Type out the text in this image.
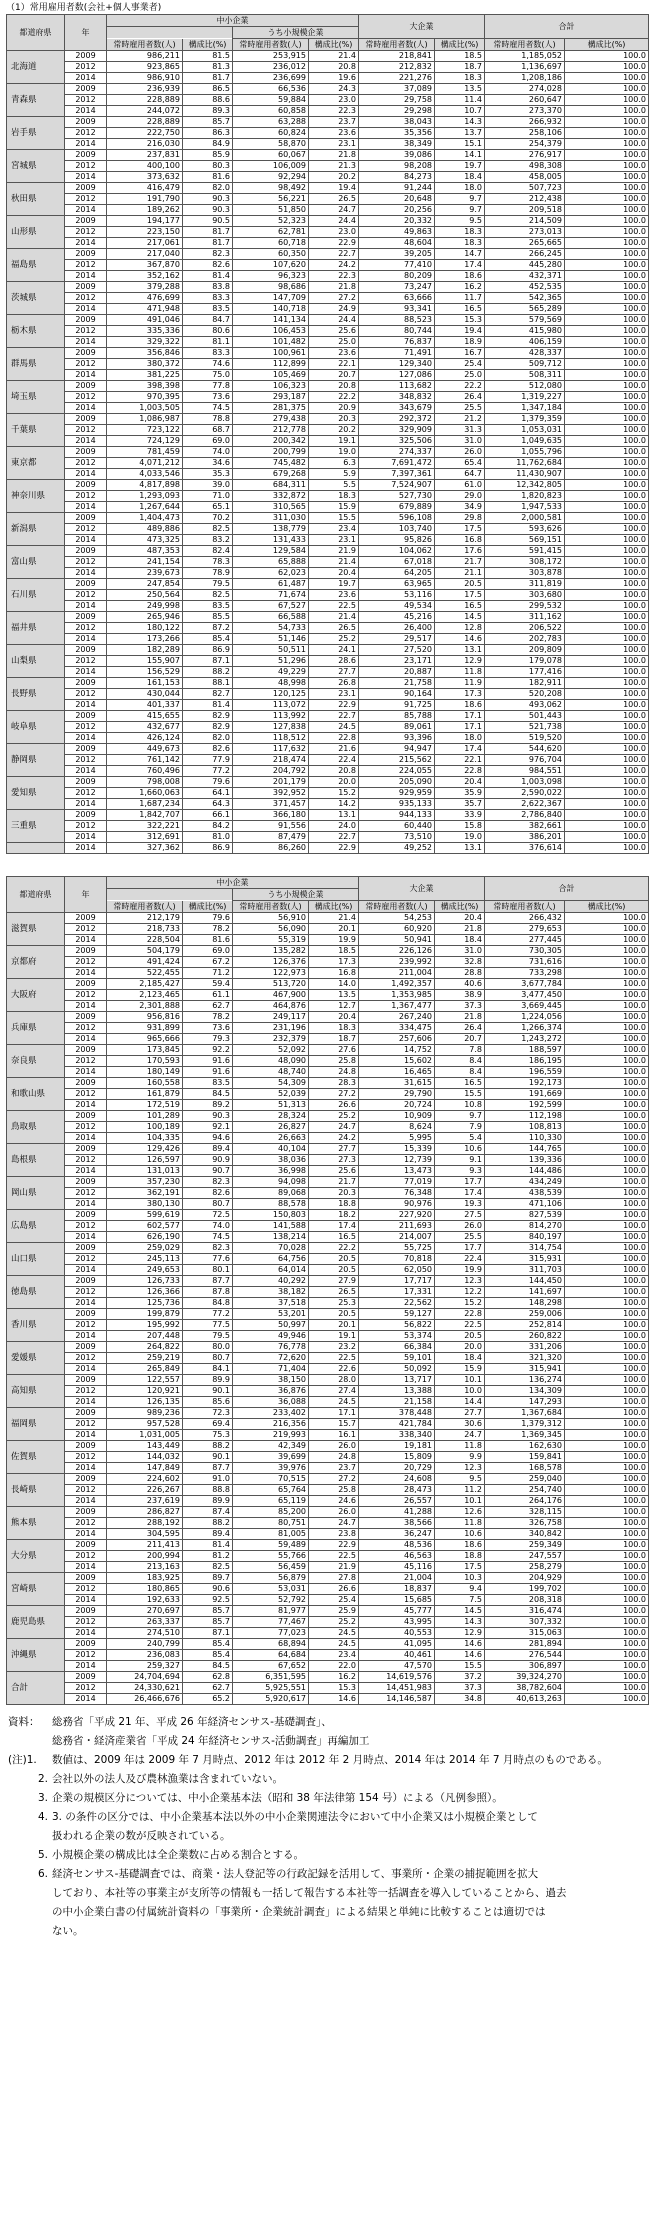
（1）常用雇用者数(会社+個人事業者)
都道府県	年	中小企業				大企業		合計	
				うち小規模企業					
		常時雇用者数(人)	構成比(%)	常時雇用者数(人)	構成比(%)	常時雇用者数(人)	構成比(%)	常時雇用者数(人)	構成比(%)
北海道	2009	986,211	81.5	253,915	21.4	218,841	18.5	1,185,052	100.0
	2012	923,865	81.3	236,012	20.8	212,832	18.7	1,136,697	100.0
	2014	986,910	81.7	236,699	19.6	221,276	18.3	1,208,186	100.0
青森県	2009	236,939	86.5	66,536	24.3	37,089	13.5	274,028	100.0
	2012	228,889	88.6	59,884	23.0	29,758	11.4	260,647	100.0
	2014	244,072	89.3	60,858	22.3	29,298	10.7	273,370	100.0
岩手県	2009	228,889	85.7	63,288	23.7	38,043	14.3	266,932	100.0
	2012	222,750	86.3	60,824	23.6	35,356	13.7	258,106	100.0
	2014	216,030	84.9	58,870	23.1	38,349	15.1	254,379	100.0
宮城県	2009	237,831	85.9	60,067	21.8	39,086	14.1	276,917	100.0
	2012	400,100	80.3	106,009	21.3	98,208	19.7	498,308	100.0
	2014	373,632	81.6	92,294	20.2	84,273	18.4	458,005	100.0
秋田県	2009	416,479	82.0	98,492	19.4	91,244	18.0	507,723	100.0
	2012	191,790	90.3	56,221	26.5	20,648	9.7	212,438	100.0
	2014	189,262	90.3	51,850	24.7	20,256	9.7	209,518	100.0
山形県	2009	194,177	90.5	52,323	24.4	20,332	9.5	214,509	100.0
	2012	223,150	81.7	62,781	23.0	49,863	18.3	273,013	100.0
	2014	217,061	81.7	60,718	22.9	48,604	18.3	265,665	100.0
福島県	2009	217,040	82.3	60,350	22.7	39,205	14.7	266,245	100.0
	2012	367,870	82.6	107,620	24.2	77,410	17.4	445,280	100.0
	2014	352,162	81.4	96,323	22.3	80,209	18.6	432,371	100.0
茨城県	2009	379,288	83.8	98,686	21.8	73,247	16.2	452,535	100.0
	2012	476,699	83.3	147,709	27.2	63,666	11.7	542,365	100.0
	2014	471,948	83.5	140,718	24.9	93,341	16.5	565,289	100.0
栃木県	2009	491,046	84.7	141,134	24.4	88,523	15.3	579,569	100.0
	2012	335,336	80.6	106,453	25.6	80,744	19.4	415,980	100.0
	2014	329,322	81.1	101,482	25.0	76,837	18.9	406,159	100.0
群馬県	2009	356,846	83.3	100,961	23.6	71,491	16.7	428,337	100.0
	2012	380,372	74.6	112,899	22.1	129,340	25.4	509,712	100.0
	2014	381,225	75.0	105,469	20.7	127,086	25.0	508,311	100.0
埼玉県	2009	398,398	77.8	106,323	20.8	113,682	22.2	512,080	100.0
	2012	970,395	73.6	293,187	22.2	348,832	26.4	1,319,227	100.0
	2014	1,003,505	74.5	281,375	20.9	343,679	25.5	1,347,184	100.0
千葉県	2009	1,086,987	78.8	279,438	20.3	292,372	21.2	1,379,359	100.0
	2012	723,122	68.7	212,778	20.2	329,909	31.3	1,053,031	100.0
	2014	724,129	69.0	200,342	19.1	325,506	31.0	1,049,635	100.0
東京都	2009	781,459	74.0	200,799	19.0	274,337	26.0	1,055,796	100.0
	2012	4,071,212	34.6	745,482	6.3	7,691,472	65.4	11,762,684	100.0
	2014	4,033,546	35.3	679,268	5.9	7,397,361	64.7	11,430,907	100.0
神奈川県	2009	4,817,898	39.0	684,311	5.5	7,524,907	61.0	12,342,805	100.0
	2012	1,293,093	71.0	332,872	18.3	527,730	29.0	1,820,823	100.0
	2014	1,267,644	65.1	310,565	15.9	679,889	34.9	1,947,533	100.0
新潟県	2009	1,404,473	70.2	311,030	15.5	596,108	29.8	2,000,581	100.0
	2012	489,886	82.5	138,779	23.4	103,740	17.5	593,626	100.0
	2014	473,325	83.2	131,433	23.1	95,826	16.8	569,151	100.0
富山県	2009	487,353	82.4	129,584	21.9	104,062	17.6	591,415	100.0
	2012	241,154	78.3	65,888	21.4	67,018	21.7	308,172	100.0
	2014	239,673	78.9	62,023	20.4	64,205	21.1	303,878	100.0
石川県	2009	247,854	79.5	61,487	19.7	63,965	20.5	311,819	100.0
	2012	250,564	82.5	71,674	23.6	53,116	17.5	303,680	100.0
	2014	249,998	83.5	67,527	22.5	49,534	16.5	299,532	100.0
福井県	2009	265,946	85.5	66,588	21.4	45,216	14.5	311,162	100.0
	2012	180,122	87.2	54,733	26.5	26,400	12.8	206,522	100.0
	2014	173,266	85.4	51,146	25.2	29,517	14.6	202,783	100.0
山梨県	2009	182,289	86.9	50,511	24.1	27,520	13.1	209,809	100.0
	2012	155,907	87.1	51,296	28.6	23,171	12.9	179,078	100.0
	2014	156,529	88.2	49,229	27.7	20,887	11.8	177,416	100.0
長野県	2009	161,153	88.1	48,998	26.8	21,758	11.9	182,911	100.0
	2012	430,044	82.7	120,125	23.1	90,164	17.3	520,208	100.0
	2014	401,337	81.4	113,072	22.9	91,725	18.6	493,062	100.0
岐阜県	2009	415,655	82.9	113,992	22.7	85,788	17.1	501,443	100.0
	2012	432,677	82.9	127,838	24.5	89,061	17.1	521,738	100.0
	2014	426,124	82.0	118,512	22.8	93,396	18.0	519,520	100.0
静岡県	2009	449,673	82.6	117,632	21.6	94,947	17.4	544,620	100.0
	2012	761,142	77.9	218,474	22.4	215,562	22.1	976,704	100.0
	2014	760,496	77.2	204,792	20.8	224,055	22.8	984,551	100.0
愛知県	2009	798,008	79.6	201,179	20.0	205,090	20.4	1,003,098	100.0
	2012	1,660,063	64.1	392,952	15.2	929,959	35.9	2,590,022	100.0
	2014	1,687,234	64.3	371,457	14.2	935,133	35.7	2,622,367	100.0
三重県	2009	1,842,707	66.1	366,180	13.1	944,133	33.9	2,786,840	100.0
	2012	322,221	84.2	91,556	24.0	60,440	15.8	382,661	100.0
	2014	312,691	81.0	87,479	22.7	73,510	19.0	386,201	100.0
	2014	327,362	86.9	86,260	22.9	49,252	13.1	376,614	100.0
都道府県	年	中小企業				大企業		合計	
				うち小規模企業					
		常時雇用者数(人)	構成比(%)	常時雇用者数(人)	構成比(%)	常時雇用者数(人)	構成比(%)	常時雇用者数(人)	構成比(%)
滋賀県	2009	212,179	79.6	56,910	21.4	54,253	20.4	266,432	100.0
	2012	218,733	78.2	56,090	20.1	60,920	21.8	279,653	100.0
	2014	228,504	81.6	55,319	19.9	50,941	18.4	277,445	100.0
京都府	2009	504,179	69.0	135,282	18.5	226,126	31.0	730,305	100.0
	2012	491,424	67.2	126,376	17.3	239,992	32.8	731,616	100.0
	2014	522,455	71.2	122,973	16.8	211,004	28.8	733,298	100.0
大阪府	2009	2,185,427	59.4	513,720	14.0	1,492,357	40.6	3,677,784	100.0
	2012	2,123,465	61.1	467,900	13.5	1,353,985	38.9	3,477,450	100.0
	2014	2,301,888	62.7	464,876	12.7	1,367,477	37.3	3,669,445	100.0
兵庫県	2009	956,816	78.2	249,117	20.4	267,240	21.8	1,224,056	100.0
	2012	931,899	73.6	231,196	18.3	334,475	26.4	1,266,374	100.0
	2014	965,666	79.3	232,379	18.7	257,606	20.7	1,243,272	100.0
奈良県	2009	173,845	92.2	52,092	27.6	14,752	7.8	188,597	100.0
	2012	170,593	91.6	48,090	25.8	15,602	8.4	186,195	100.0
	2014	180,149	91.6	48,740	24.8	16,465	8.4	196,559	100.0
和歌山県	2009	160,558	83.5	54,309	28.3	31,615	16.5	192,173	100.0
	2012	161,879	84.5	52,039	27.2	29,790	15.5	191,669	100.0
	2014	172,519	89.2	51,313	26.6	20,724	10.8	192,599	100.0
鳥取県	2009	101,289	90.3	28,324	25.2	10,909	9.7	112,198	100.0
	2012	100,189	92.1	26,827	24.7	8,624	7.9	108,813	100.0
	2014	104,335	94.6	26,663	24.2	5,995	5.4	110,330	100.0
島根県	2009	129,426	89.4	40,104	27.7	15,339	10.6	144,765	100.0
	2012	126,597	90.9	38,036	27.3	12,739	9.1	139,336	100.0
	2014	131,013	90.7	36,998	25.6	13,473	9.3	144,486	100.0
岡山県	2009	357,230	82.3	94,098	21.7	77,019	17.7	434,249	100.0
	2012	362,191	82.6	89,068	20.3	76,348	17.4	438,539	100.0
	2014	380,130	80.7	88,578	18.8	90,976	19.3	471,106	100.0
広島県	2009	599,619	72.5	150,803	18.2	227,920	27.5	827,539	100.0
	2012	602,577	74.0	141,588	17.4	211,693	26.0	814,270	100.0
	2014	626,190	74.5	138,214	16.5	214,007	25.5	840,197	100.0
山口県	2009	259,029	82.3	70,028	22.2	55,725	17.7	314,754	100.0
	2012	245,113	77.6	64,756	20.5	70,818	22.4	315,931	100.0
	2014	249,653	80.1	64,014	20.5	62,050	19.9	311,703	100.0
徳島県	2009	126,733	87.7	40,292	27.9	17,717	12.3	144,450	100.0
	2012	126,366	87.8	38,182	26.5	17,331	12.2	141,697	100.0
	2014	125,736	84.8	37,518	25.3	22,562	15.2	148,298	100.0
香川県	2009	199,879	77.2	53,201	20.5	59,127	22.8	259,006	100.0
	2012	195,992	77.5	50,997	20.1	56,822	22.5	252,814	100.0
	2014	207,448	79.5	49,946	19.1	53,374	20.5	260,822	100.0
愛媛県	2009	264,822	80.0	76,778	23.2	66,384	20.0	331,206	100.0
	2012	259,219	80.7	72,620	22.5	59,101	18.4	321,320	100.0
	2014	265,849	84.1	71,404	22.6	50,092	15.9	315,941	100.0
高知県	2009	122,557	89.9	38,150	28.0	13,717	10.1	136,274	100.0
	2012	120,921	90.1	36,876	27.4	13,388	10.0	134,309	100.0
	2014	126,135	85.6	36,088	24.5	21,158	14.4	147,293	100.0
福岡県	2009	989,236	72.3	233,402	17.1	378,448	27.7	1,367,684	100.0
	2012	957,528	69.4	216,356	15.7	421,784	30.6	1,379,312	100.0
	2014	1,031,005	75.3	219,993	16.1	338,340	24.7	1,369,345	100.0
佐賀県	2009	143,449	88.2	42,349	26.0	19,181	11.8	162,630	100.0
	2012	144,032	90.1	39,699	24.8	15,809	9.9	159,841	100.0
	2014	147,849	87.7	39,976	23.7	20,729	12.3	168,578	100.0
長崎県	2009	224,602	91.0	70,515	27.2	24,608	9.5	259,040	100.0
	2012	226,267	88.8	65,764	25.8	28,473	11.2	254,740	100.0
	2014	237,619	89.9	65,119	24.6	26,557	10.1	264,176	100.0
熊本県	2009	286,827	87.4	85,200	26.0	41,288	12.6	328,115	100.0
	2012	288,192	88.2	80,751	24.7	38,566	11.8	326,758	100.0
	2014	304,595	89.4	81,005	23.8	36,247	10.6	340,842	100.0
大分県	2009	211,413	81.4	59,489	22.9	48,536	18.6	259,349	100.0
	2012	200,994	81.2	55,766	22.5	46,563	18.8	247,557	100.0
	2014	213,163	82.5	56,459	21.9	45,116	17.5	258,279	100.0
宮崎県	2009	183,925	89.7	56,879	27.8	21,004	10.3	204,929	100.0
	2012	180,865	90.6	53,031	26.6	18,837	9.4	199,702	100.0
	2014	192,633	92.5	52,792	25.4	15,685	7.5	208,318	100.0
鹿児島県	2009	270,697	85.7	81,977	25.9	45,777	14.5	316,474	100.0
	2012	263,337	85.7	77,467	25.2	43,995	14.3	307,332	100.0
	2014	274,510	87.1	77,023	24.5	40,553	12.9	315,063	100.0
沖縄県	2009	240,799	85.4	68,894	24.5	41,095	14.6	281,894	100.0
	2012	236,083	85.4	64,684	23.4	40,461	14.6	276,544	100.0
	2014	259,327	84.5	67,652	22.0	47,570	15.5	306,897	100.0
合計	2009	24,704,694	62.8	6,351,595	16.2	14,619,576	37.2	39,324,270	100.0
	2012	24,330,621	62.7	5,925,551	15.3	14,451,983	37.3	38,782,604	100.0
	2014	26,466,676	65.2	5,920,617	14.6	14,146,587	34.8	40,613,263	100.0
資料：	総務省「平成 21 年、平成 26 年経済センサス-基礎調査」、
総務省・経済産業省「平成 24 年経済センサス-活動調査」再編加工
(注)1.	数値は、2009 年は 2009 年 7 月時点、2012 年は 2012 年 2 月時点、2014 年は 2014 年 7 月時点のものである。
2. 会社以外の法人及び農林漁業は含まれていない。
3. 企業の規模区分については、中小企業基本法（昭和 38 年法律第 154 号）による（凡例参照）。
4. 3. の条件の区分では、中小企業基本法以外の中小企業関連法令において中小企業又は小規模企業として
扱われる企業の数が反映されている。
5. 小規模企業の構成比は全企業数に占める割合とする。
6. 経済センサス-基礎調査では、商業・法人登記等の行政記録を活用して、事業所・企業の捕捉範囲を拡大
しており、本社等の事業主が支所等の情報も一括して報告する本社等一括調査を導入していることから、過去
の中小企業白書の付属統計資料の「事業所・企業統計調査」による結果と単純に比較することは適切では
ない。
